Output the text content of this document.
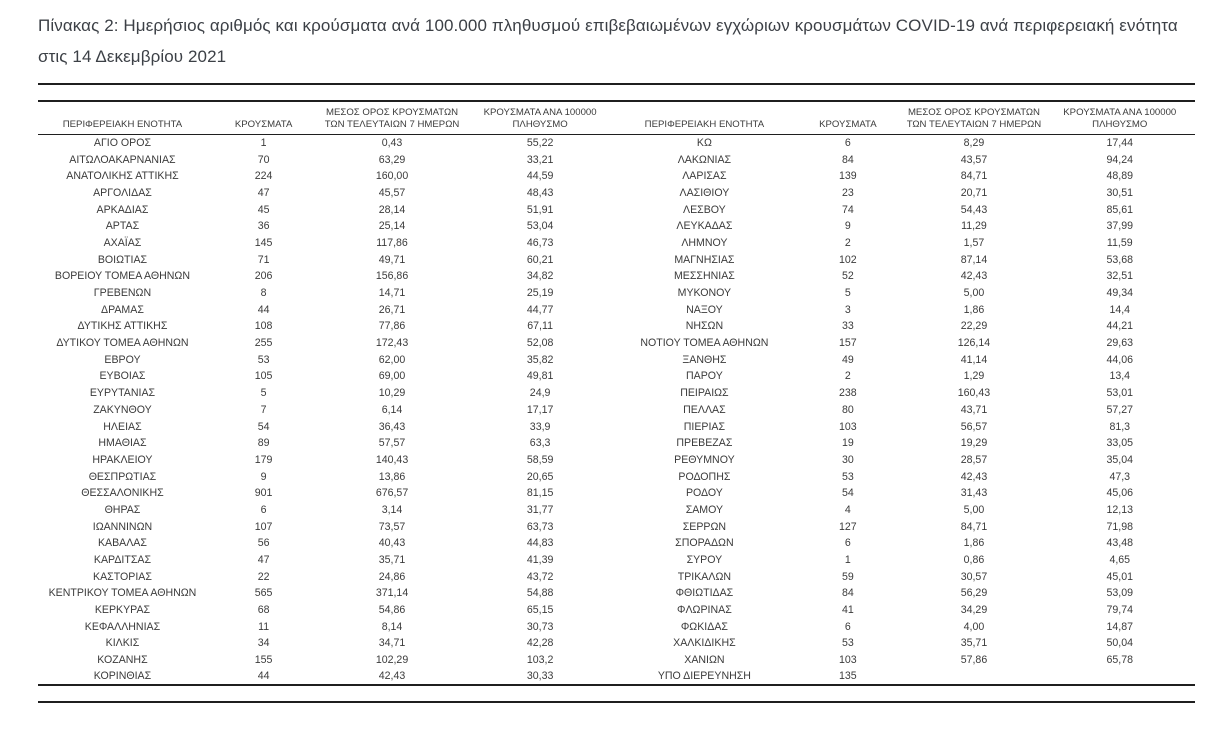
Πίνακας 2: Ημερήσιος αριθμός και κρούσματα ανά 100.000 πληθυσμού επιβεβαιωμένων εγχώριων κρουσμάτων COVID-19 ανά περιφερειακή ενότητα στις 14 Δεκεμβρίου 2021

ΠΕΡΙΦΕΡΕΙΑΚΗ ΕΝΟΤΗΤΑ	ΚΡΟΥΣΜΑΤΑ	ΜΕΣΟΣ ΟΡΟΣ ΚΡΟΥΣΜΑΤΩΝ ΤΩΝ ΤΕΛΕΥΤΑΙΩΝ 7 ΗΜΕΡΩΝ	ΚΡΟΥΣΜΑΤΑ ΑΝΑ 100000 ΠΛΗΘΥΣΜΟ	ΠΕΡΙΦΕΡΕΙΑΚΗ ΕΝΟΤΗΤΑ	ΚΡΟΥΣΜΑΤΑ	ΜΕΣΟΣ ΟΡΟΣ ΚΡΟΥΣΜΑΤΩΝ ΤΩΝ ΤΕΛΕΥΤΑΙΩΝ 7 ΗΜΕΡΩΝ	ΚΡΟΥΣΜΑΤΑ ΑΝΑ 100000 ΠΛΗΘΥΣΜΟ
ΑΓΙΟ ΟΡΟΣ	1	0,43	55,22	ΚΩ	6	8,29	17,44
ΑΙΤΩΛΟΑΚΑΡΝΑΝΙΑΣ	70	63,29	33,21	ΛΑΚΩΝΙΑΣ	84	43,57	94,24
ΑΝΑΤΟΛΙΚΗΣ ΑΤΤΙΚΗΣ	224	160,00	44,59	ΛΑΡΙΣΑΣ	139	84,71	48,89
ΑΡΓΟΛΙΔΑΣ	47	45,57	48,43	ΛΑΣΙΘΙΟΥ	23	20,71	30,51
ΑΡΚΑΔΙΑΣ	45	28,14	51,91	ΛΕΣΒΟΥ	74	54,43	85,61
ΑΡΤΑΣ	36	25,14	53,04	ΛΕΥΚΑΔΑΣ	9	11,29	37,99
ΑΧΑΪΑΣ	145	117,86	46,73	ΛΗΜΝΟΥ	2	1,57	11,59
ΒΟΙΩΤΙΑΣ	71	49,71	60,21	ΜΑΓΝΗΣΙΑΣ	102	87,14	53,68
ΒΟΡΕΙΟΥ ΤΟΜΕΑ ΑΘΗΝΩΝ	206	156,86	34,82	ΜΕΣΣΗΝΙΑΣ	52	42,43	32,51
ΓΡΕΒΕΝΩΝ	8	14,71	25,19	ΜΥΚΟΝΟΥ	5	5,00	49,34
ΔΡΑΜΑΣ	44	26,71	44,77	ΝΑΞΟΥ	3	1,86	14,4
ΔΥΤΙΚΗΣ ΑΤΤΙΚΗΣ	108	77,86	67,11	ΝΗΣΩΝ	33	22,29	44,21
ΔΥΤΙΚΟΥ ΤΟΜΕΑ ΑΘΗΝΩΝ	255	172,43	52,08	ΝΟΤΙΟΥ ΤΟΜΕΑ ΑΘΗΝΩΝ	157	126,14	29,63
ΕΒΡΟΥ	53	62,00	35,82	ΞΑΝΘΗΣ	49	41,14	44,06
ΕΥΒΟΙΑΣ	105	69,00	49,81	ΠΑΡΟΥ	2	1,29	13,4
ΕΥΡΥΤΑΝΙΑΣ	5	10,29	24,9	ΠΕΙΡΑΙΩΣ	238	160,43	53,01
ΖΑΚΥΝΘΟΥ	7	6,14	17,17	ΠΕΛΛΑΣ	80	43,71	57,27
ΗΛΕΙΑΣ	54	36,43	33,9	ΠΙΕΡΙΑΣ	103	56,57	81,3
ΗΜΑΘΙΑΣ	89	57,57	63,3	ΠΡΕΒΕΖΑΣ	19	19,29	33,05
ΗΡΑΚΛΕΙΟΥ	179	140,43	58,59	ΡΕΘΥΜΝΟΥ	30	28,57	35,04
ΘΕΣΠΡΩΤΙΑΣ	9	13,86	20,65	ΡΟΔΟΠΗΣ	53	42,43	47,3
ΘΕΣΣΑΛΟΝΙΚΗΣ	901	676,57	81,15	ΡΟΔΟΥ	54	31,43	45,06
ΘΗΡΑΣ	6	3,14	31,77	ΣΑΜΟΥ	4	5,00	12,13
ΙΩΑΝΝΙΝΩΝ	107	73,57	63,73	ΣΕΡΡΩΝ	127	84,71	71,98
ΚΑΒΑΛΑΣ	56	40,43	44,83	ΣΠΟΡΑΔΩΝ	6	1,86	43,48
ΚΑΡΔΙΤΣΑΣ	47	35,71	41,39	ΣΥΡΟΥ	1	0,86	4,65
ΚΑΣΤΟΡΙΑΣ	22	24,86	43,72	ΤΡΙΚΑΛΩΝ	59	30,57	45,01
ΚΕΝΤΡΙΚΟΥ ΤΟΜΕΑ ΑΘΗΝΩΝ	565	371,14	54,88	ΦΘΙΩΤΙΔΑΣ	84	56,29	53,09
ΚΕΡΚΥΡΑΣ	68	54,86	65,15	ΦΛΩΡΙΝΑΣ	41	34,29	79,74
ΚΕΦΑΛΛΗΝΙΑΣ	11	8,14	30,73	ΦΩΚΙΔΑΣ	6	4,00	14,87
ΚΙΛΚΙΣ	34	34,71	42,28	ΧΑΛΚΙΔΙΚΗΣ	53	35,71	50,04
ΚΟΖΑΝΗΣ	155	102,29	103,2	ΧΑΝΙΩΝ	103	57,86	65,78
ΚΟΡΙΝΘΙΑΣ	44	42,43	30,33	ΥΠΟ ΔΙΕΡΕΥΝΗΣΗ	135		
